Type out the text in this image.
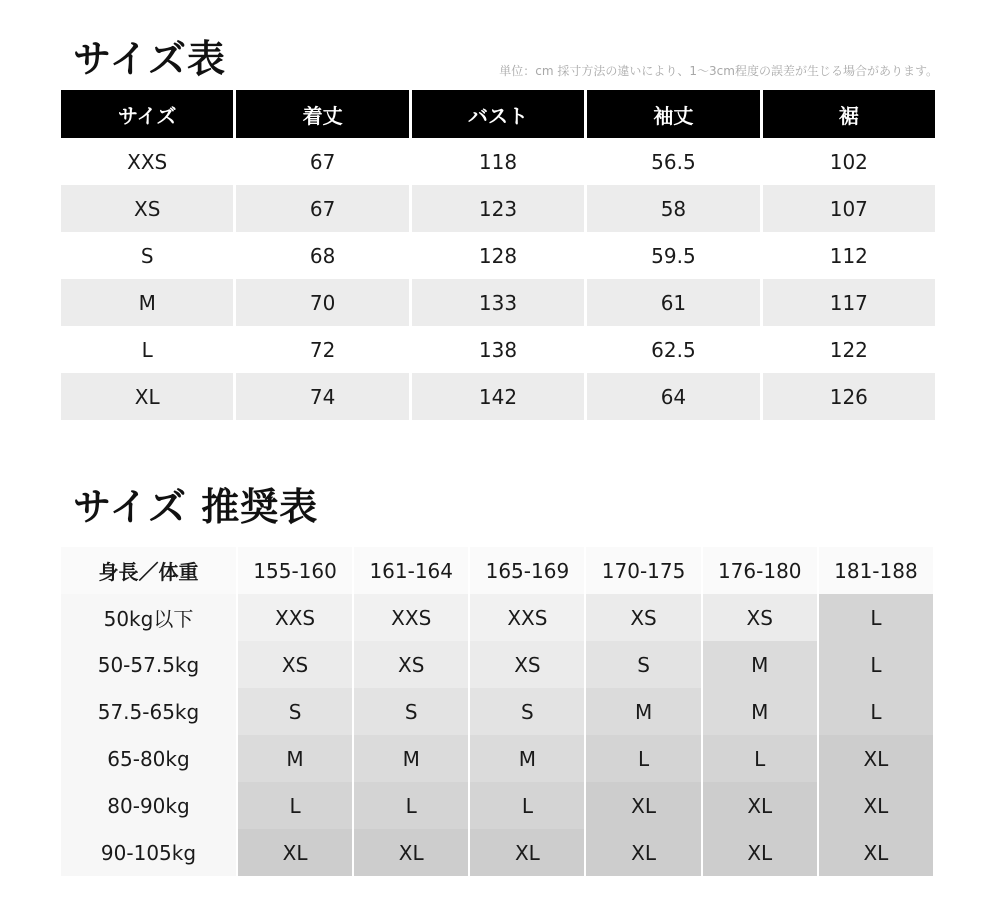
サイズ表	単位：cm 採寸方法の違いにより、1〜3cm程度の誤差が生じる場合があります。
サイズ	着丈	バスト	袖丈	裾
XXS	67	118	56.5	102
XS	67	123	58	107
S	68	128	59.5	112
M	70	133	61	117
L	72	138	62.5	122
XL	74	142	64	126
サイズ 推奨表
身長／体重	155-160	161-164	165-169	170-175	176-180	181-188
50kg以下	XXS	XXS	XXS	XS	XS	L
50-57.5kg	XS	XS	XS	S	M	L
57.5-65kg	S	S	S	M	M	L
65-80kg	M	M	M	L	L	XL
80-90kg	L	L	L	XL	XL	XL
90-105kg	XL	XL	XL	XL	XL	XL
